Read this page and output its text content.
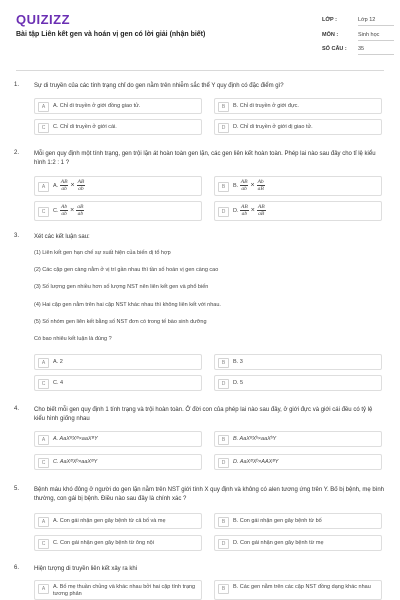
QUIZIZZ
Bài tập Liên kết gen và hoán vị gen có lời giải (nhận biết)
LỚP :	Lớp 12
MÔN :	Sinh học
SỐ CÂU : 35
1. Sự di truyền của các tính trạng chỉ do gen nằm trên nhiễm sắc thể Y quy định có đặc điểm gì?
A	A. Chỉ di truyền ở giới đồng giao tử.	B	B. Chỉ di truyền ở giới đực.
C	C. Chỉ di truyền ở giới cái.	D	D. Chỉ di truyền ở giới dị giao tử.
2. Mỗi gen quy định một tính trạng, gen trội lặn át hoàn toàn gen lặn, các gen liên kết hoàn toàn. Phép lai nào sau đây cho tỉ lệ kiểu hình 1:2 : 1 ?
A	A. $\frac{AB}{ab} \times \frac{AB}{ab}$	B	B. $\frac{AB}{ab} \times \frac{Ab}{aB}$
C	C. $\frac{Ab}{ab} \times \frac{aB}{ab}$	D	D. $\frac{AB}{ab} \times \frac{AB}{aB}$
3. Xét các kết luận sau:
(1) Liên kết gen hạn chế sự xuất hiện của biến dị tổ hợp
(2) Các cặp gen càng nằm ở vị trí gần nhau thì tần số hoán vị gen càng cao
(3) Số lượng gen nhiều hơn số lượng NST nên liên kết gen và phổ biến
(4) Hai cặp gen nằm trên hai cặp NST khác nhau thì không liên kết với nhau.
(5) Số nhóm gen liên kết bằng số NST đơn có trong tế bào sinh dưỡng
Có bao nhiêu kết luận là đúng ?
A	A. 2	B	B. 3
C	C. 4	D	D. 5
4. Cho biết mỗi gen quy định 1 tính trạng và trội hoàn toàn. Ở đời con của phép lai nào sau đây, ở giới đực và giới cái đều có tỷ lệ kiểu hình giống nhau
A	A. AaXᴮXᴮ×aaXᴮY	B	B. AaXᴮXᵇ×aaXᵇY
C	C. AaXᴮXᵇ×aaXᴮY	D	D. AaXᴮXᵇ×AAXᴮY
5. Bệnh máu khó đông ở người do gen lặn nằm trên NST giới tính X quy định và không có alen tương ứng trên Y. Bố bị bệnh, mẹ bình thường, con gái bị bệnh. Điều nào sau đây là chính xác ?
A	A. Con gái nhận gen gây bệnh từ cả bố và mẹ	B	B. Con gái nhận gen gây bệnh từ bố
C	C. Con gái nhận gen gây bệnh từ ông nội	D	D. Con gái nhận gen gây bệnh từ mẹ
6. Hiện tượng di truyền liên kết xảy ra khi
A	A. Bố mẹ thuần chủng và khác nhau bởi hai cặp tính trạng tương phản
B	B. Các gen nằm trên các cặp NST đồng dạng khác nhau
